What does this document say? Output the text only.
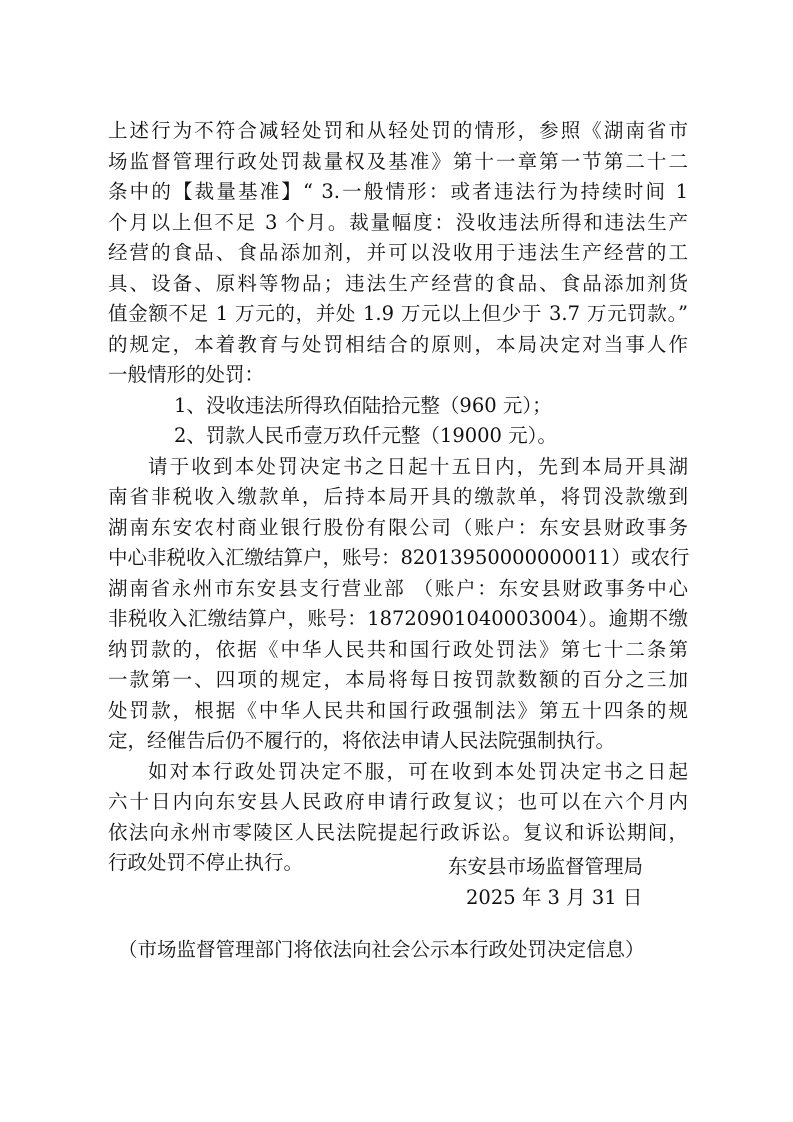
上述行为不符合减轻处罚和从轻处罚的情形，参照《湖南省市
场监督管理行政处罚裁量权及基准》第十一章第一节第二十二
条中的【裁量基准】“ 3.一般情形：或者违法行为持续时间 1
个月以上但不足 3 个月。裁量幅度：没收违法所得和违法生产
经营的食品、食品添加剂，并可以没收用于违法生产经营的工
具、设备、原料等物品；违法生产经营的食品、食品添加剂货
值金额不足 1 万元的，并处 1.9 万元以上但少于 3.7 万元罚款。”
的规定，本着教育与处罚相结合的原则，本局决定对当事人作
一般情形的处罚：
1、没收违法所得玖佰陆拾元整（960 元）；
2、罚款人民币壹万玖仟元整（19000 元）。
请于收到本处罚决定书之日起十五日内，先到本局开具湖
南省非税收入缴款单，后持本局开具的缴款单，将罚没款缴到
湖南东安农村商业银行股份有限公司（账户：东安县财政事务
中心非税收入汇缴结算户，账号：82013950000000011）或农行
湖南省永州市东安县支行营业部 （账户：东安县财政事务中心
非税收入汇缴结算户，账号：18720901040003004）。逾期不缴
纳罚款的，依据《中华人民共和国行政处罚法》第七十二条第
一款第一、四项的规定，本局将每日按罚款数额的百分之三加
处罚款，根据《中华人民共和国行政强制法》第五十四条的规
定，经催告后仍不履行的，将依法申请人民法院强制执行。
如对本行政处罚决定不服，可在收到本处罚决定书之日起
六十日内向东安县人民政府申请行政复议；也可以在六个月内
依法向永州市零陵区人民法院提起行政诉讼。复议和诉讼期间，
行政处罚不停止执行。	东安县市场监督管理局
2025 年 3 月 31 日
（市场监督管理部门将依法向社会公示本行政处罚决定信息）
